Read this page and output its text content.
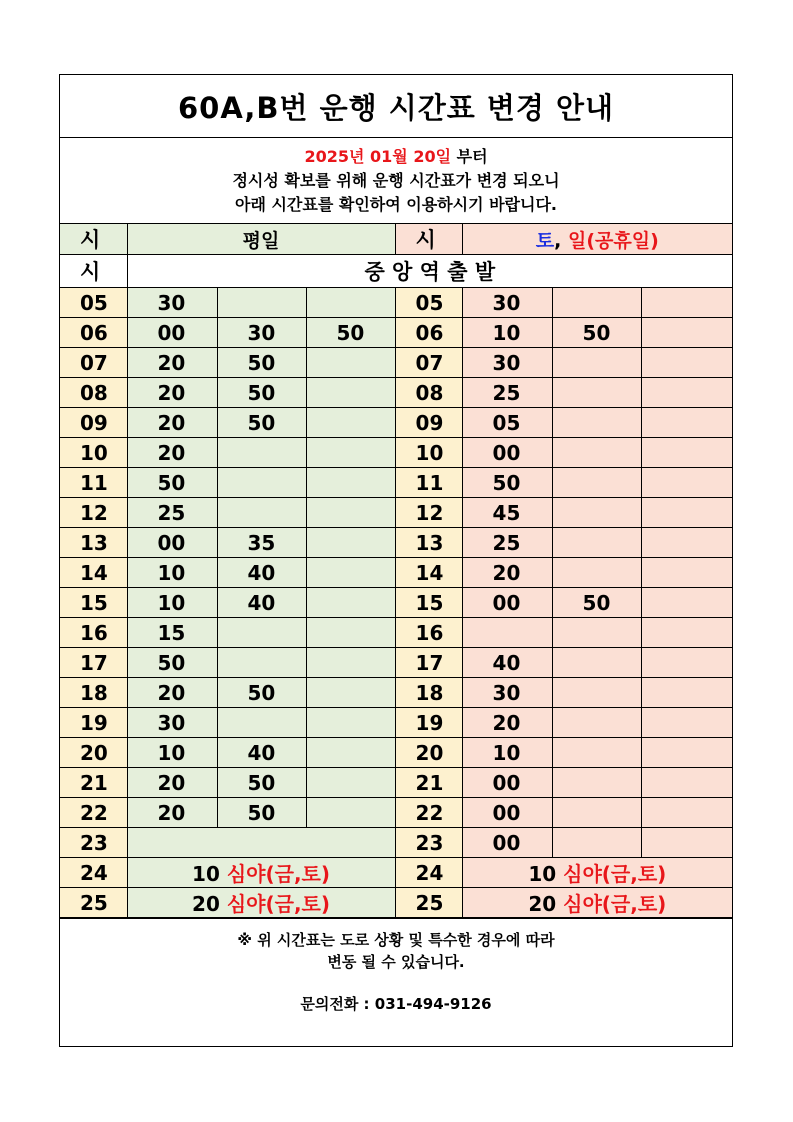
60A,B번 운행 시간표 변경 안내
2025년 01월 20일 부터
정시성 확보를 위해 운행 시간표가 변경 되오니
아래 시간표를 확인하여 이용하시기 바랍니다.
시	평일			시	토, 일(공휴일)		
시	중 앙 역 출 발						
05	30			05	30		
06	00	30	50	06	10	50	
07	20	50		07	30		
08	20	50		08	25		
09	20	50		09	05		
10	20			10	00		
11	50			11	50		
12	25			12	45		
13	00	35		13	25		
14	10	40		14	20		
15	10	40		15	00	50	
16	15			16			
17	50			17	40		
18	20	50		18	30		
19	30			19	20		
20	10	40		20	10		
21	20	50		21	00		
22	20	50		22	00		
23				23	00		
24	10 심야(금,토)			24	10 심야(금,토)		
25	20 심야(금,토)			25	20 심야(금,토)		
※ 위 시간표는 도로 상황 및 특수한 경우에 따라
변동 될 수 있습니다.
문의전화 : 031-494-9126
